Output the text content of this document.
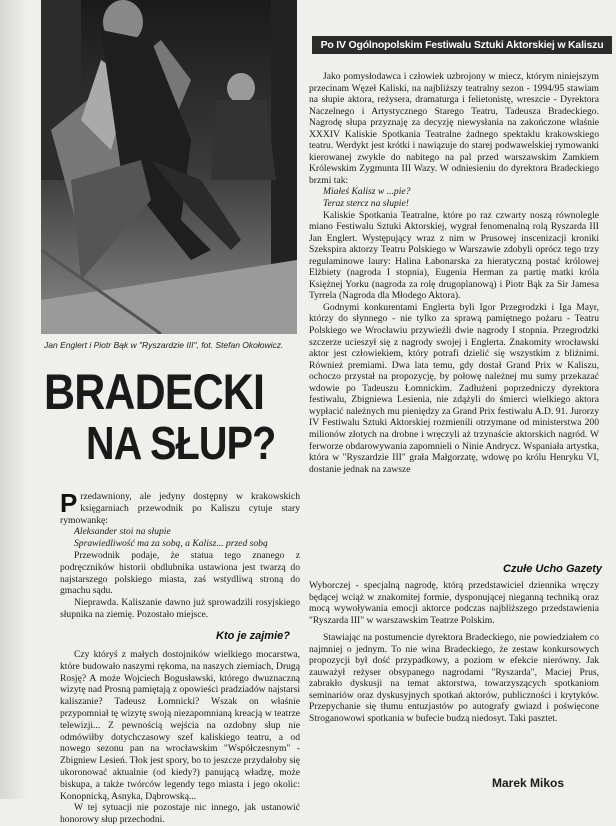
Jan Englert i Piotr Bąk w "Ryszardzie III", fot. Stefan Okołowicz.
Po IV Ogólnopolskim Festiwalu Sztuki Aktorskiej w Kaliszu
BRADECKI
NA SŁUP?

Jako pomysłodawca i człowiek uzbrojony w miecz, którym niniejszym przecinam Węzeł Kaliski, na najbliższy teatralny sezon - 1994/95 stawiam na słupie aktora, reżysera, dramaturga i felietonistę, wreszcie - Dyrektora Naczelnego i Artystycznego Starego Teatru, Tadeusza Bradeckiego. Nagrodę słupa przyznaję za decyzję niewysłania na zakończone właśnie XXXIV Kaliskie Spotkania Teatralne żadnego spektaklu krakowskiego teatru. Werdykt jest krótki i nawiązuje do starej podwawelskiej rymowanki kierowanej zwykle do nabitego na pal przed warszawskim Zamkiem Królewskim Zygmunta III Wazy. W odniesieniu do dyrektora Bradeckiego brzmi tak:

Miałeś Kalisz w ...pie?

Teraz stercz na słupie!

Kaliskie Spotkania Teatralne, które po raz czwarty noszą równolegle miano Festiwalu Sztuki Aktorskiej, wygrał fenomenalną rolą Ryszarda III Jan Englert. Występujący wraz z nim w Prusowej inscenizacji kroniki Szekspira aktorzy Teatru Polskiego w Warszawie zdobyli oprócz tego trzy regulaminowe laury: Halina Łabonarska za hieratyczną postać królowej Elżbiety (nagroda I stopnia), Eugenia Herman za partię matki króla Księżnej Yorku (nagroda za rolę drugoplanową) i Piotr Bąk za Sir Jamesa Tyrrela (Nagroda dla Młodego Aktora).

Godnymi konkurentami Englerta byli Igor Przegrodzki i Iga Mayr, którzy do słynnego - nie tylko za sprawą pamiętnego pożaru - Teatru Polskiego we Wrocławiu przywieźli dwie nagrody I stopnia. Przegrodzki szczerze ucieszył się z nagrody swojej i Englerta. Znakomity wrocławski aktor jest człowiekiem, który potrafi dzielić się wszystkim z bliźnimi. Również premiami. Dwa lata temu, gdy dostał Grand Prix w Kaliszu, ochoczo przystał na propozycję, by połowę należnej mu sumy przekazać wdowie po Tadeuszu Łomnickim. Zadłużeni poprzedniczy dyrektora festiwalu, Zbigniewa Lesienia, nie zdążyli do śmierci wielkiego aktora wypłacić należnych mu pieniędzy za Grand Prix festiwalu A.D. 91. Jurorzy IV Festiwalu Sztuki Aktorskiej rozmienili otrzymane od ministerstwa 200 milionów złotych na drobne i wręczyli aż trzynaście aktorskich nagród. W ferworze obdarowywania zapomnieli o Ninie Andrycz. Wspaniała artystka, która w "Ryszardzie III" grała Małgorzatę, wdowę po królu Henryku VI, dostanie jednak na zawsze

Czułe Ucho Gazety

Wyborczej - specjalną nagrodę, którą przedstawiciel dziennika wręczy będącej wciąż w znakomitej formie, dysponującej nieganną techniką oraz mocą wywoływania emocji aktorce podczas najbliższego przedstawienia "Ryszarda III" w warszawskim Teatrze Polskim.

Stawiając na postumencie dyrektora Bradeckiego, nie powiedziałem co najmniej o jednym. To nie wina Bradeckiego, że zestaw konkursowych propozycji był dość przypadkowy, a poziom w efekcie nierówny. Jak zauważył reżyser obsypanego nagrodami "Ryszarda", Maciej Prus, zabrakło dyskusji na temat aktorstwa, towarzyszących spotkaniom seminariów oraz dyskusyjnych spotkań aktorów, publiczności i krytyków. Przepychanie się tłumu entuzjastów po autografy gwiazd i poświęcone Stroganowowi spotkania w bufecie budzą niedosyt. Taki pasztet.

Marek Mikos

Przedawniony, ale jedyny dostępny w krakowskich księgarniach przewodnik po Kaliszu cytuje stary rymowankę:

Aleksander stoi na słupie

Sprawiedliwość ma za sobą, a Kalisz... przed sobą

Przewodnik podaje, że statua tego znanego z podręczników historii obdlubnika ustawiona jest twarzą do najstarszego polskiego miasta, zaś wstydliwą stroną do gmachu sądu.

Nieprawda. Kaliszanie dawno już sprowadzili rosyjskiego słupnika na ziemię. Pozostało miejsce.

Kto je zajmie?

Czy któryś z małych dostojników wielkiego mocarstwa, które budowało naszymi rękoma, na naszych ziemiach, Drugą Rosję? A może Wojciech Bogusławski, którego dwuznaczną wizytę nad Prosną pamiętają z opowieści pradziadów najstarsi kaliszanie? Tadeusz Łomnicki? Wszak on właśnie przypomniał tę wizytę swoją niezapomnianą kreacją w teatrze telewizji... Z pewnością wejścia na ozdobny słup nie odmówiłby dotychczasowy szef kaliskiego teatru, a od nowego sezonu pan na wrocławskim "Współczesnym" - Zbigniew Lesień. Tłok jest spory, bo to jeszcze przydałoby się ukoronować aktualnie (od kiedy?) panującą władzę, może biskupa, a także twórców legendy tego miasta i jego okolic: Konopnicką, Asnyka, Dąbrowską...

W tej sytuacji nie pozostaje nic innego, jak ustanowić honorowy słup przechodni.
